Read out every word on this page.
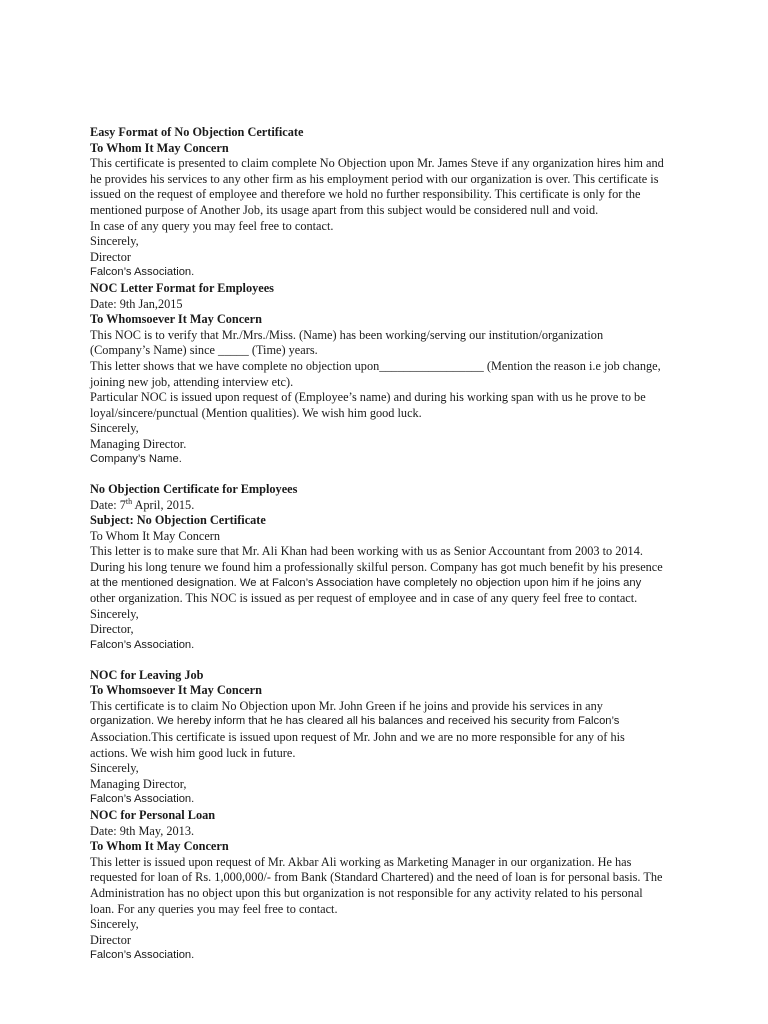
Easy Format of No Objection Certificate
To Whom It May Concern
This certificate is presented to claim complete No Objection upon Mr. James Steve if any organization hires him and
he provides his services to any other firm as his employment period with our organization is over. This certificate is
issued on the request of employee and therefore we hold no further responsibility. This certificate is only for the
mentioned purpose of Another Job, its usage apart from this subject would be considered null and void.
In case of any query you may feel free to contact.
Sincerely,
Director
Falcon’s Association.
NOC Letter Format for Employees
Date: 9th Jan,2015
To Whomsoever It May Concern
This NOC is to verify that Mr./Mrs./Miss. (Name) has been working/serving our institution/organization
(Company’s Name) since _____ (Time) years.
This letter shows that we have complete no objection upon_________________ (Mention the reason i.e job change,
joining new job, attending interview etc).
Particular NOC is issued upon request of (Employee’s name) and during his working span with us he prove to be
loyal/sincere/punctual (Mention qualities). We wish him good luck.
Sincerely,
Managing Director.
Company’s Name.
No Objection Certificate for Employees
Date: 7th April, 2015.
Subject: No Objection Certificate
To Whom It May Concern
This letter is to make sure that Mr. Ali Khan had been working with us as Senior Accountant from 2003 to 2014.
During his long tenure we found him a professionally skilful person. Company has got much benefit by his presence
at the mentioned designation. We at Falcon’s Association have completely no objection upon him if he joins any
other organization. This NOC is issued as per request of employee and in case of any query feel free to contact.
Sincerely,
Director,
Falcon’s Association.
NOC for Leaving Job
To Whomsoever It May Concern
This certificate is to claim No Objection upon Mr. John Green if he joins and provide his services in any
organization. We hereby inform that he has cleared all his balances and received his security from Falcon’s
Association.This certificate is issued upon request of Mr. John and we are no more responsible for any of his
actions. We wish him good luck in future.
Sincerely,
Managing Director,
Falcon’s Association.
NOC for Personal Loan
Date: 9th May, 2013.
To Whom It May Concern
This letter is issued upon request of Mr. Akbar Ali working as Marketing Manager in our organization. He has
requested for loan of Rs. 1,000,000/- from Bank (Standard Chartered) and the need of loan is for personal basis. The
Administration has no object upon this but organization is not responsible for any activity related to his personal
loan. For any queries you may feel free to contact.
Sincerely,
Director
Falcon’s Association.
